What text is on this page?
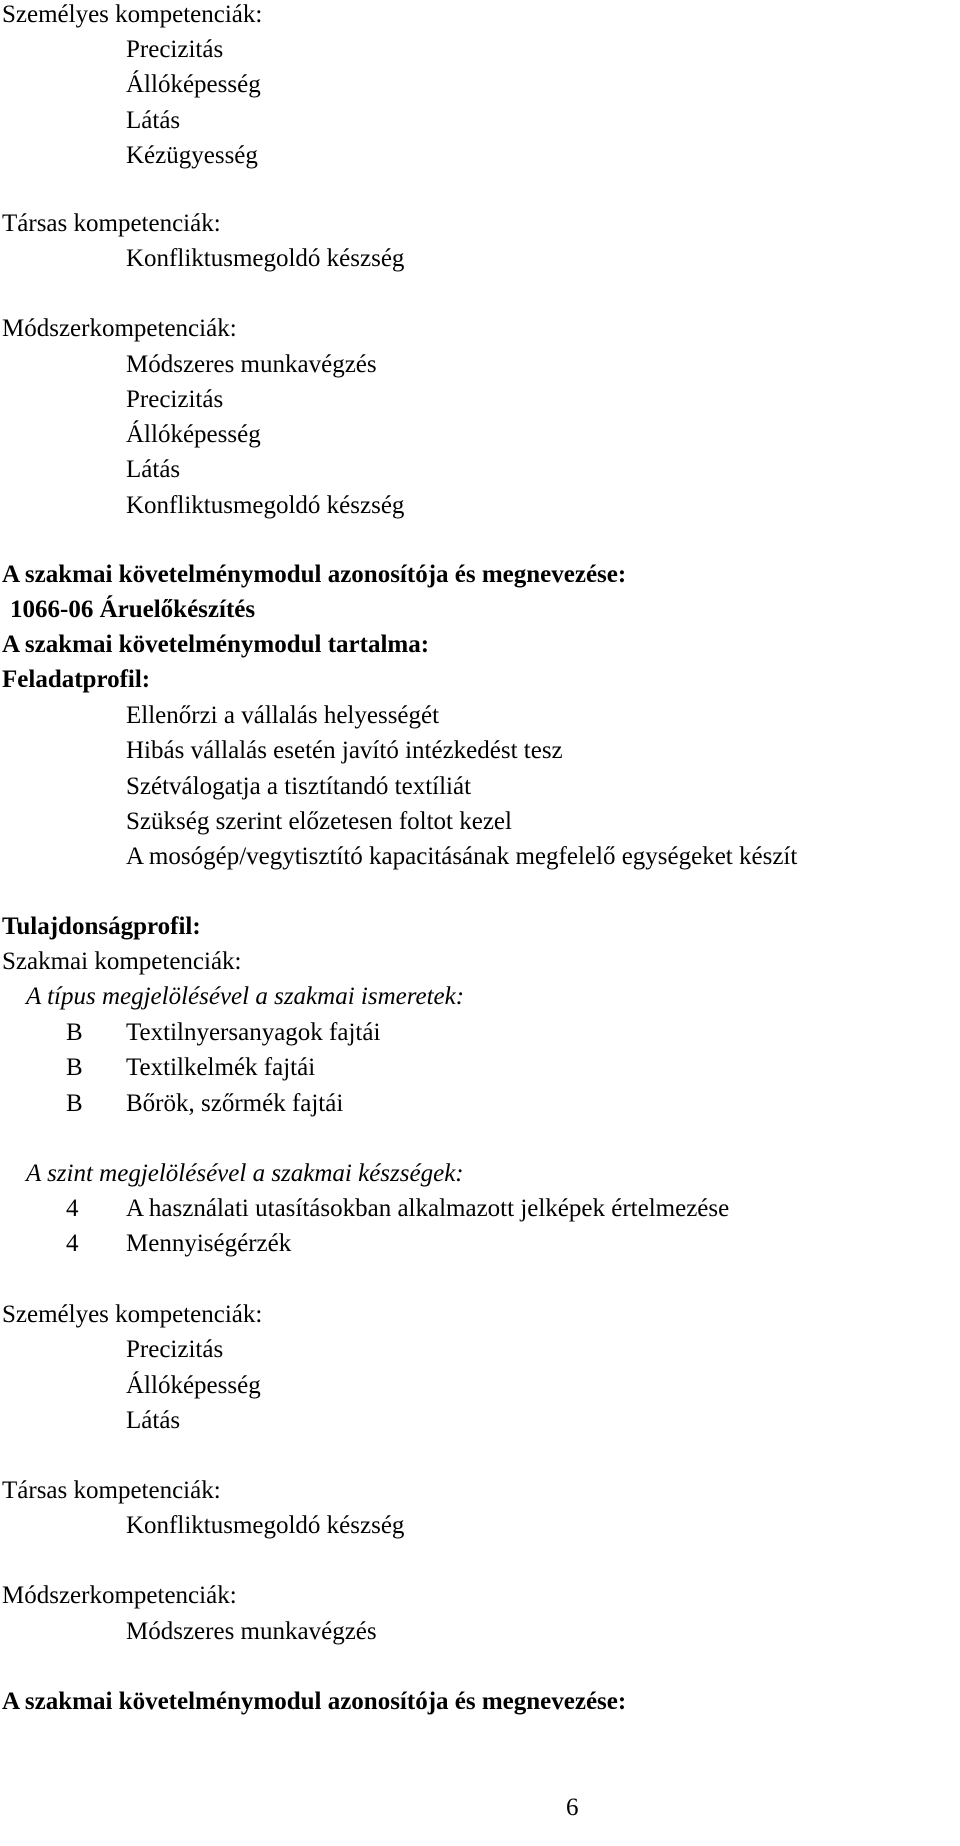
Személyes kompetenciák:
Precizitás
Állóképesség
Látás
Kézügyesség
Társas kompetenciák:
Konfliktusmegoldó készség
Módszerkompetenciák:
Módszeres munkavégzés
Precizitás
Állóképesség
Látás
Konfliktusmegoldó készség
A szakmai követelménymodul azonosítója és megnevezése:
1066-06 Áruelőkészítés
A szakmai követelménymodul tartalma:
Feladatprofil:
Ellenőrzi a vállalás helyességét
Hibás vállalás esetén javító intézkedést tesz
Szétválogatja a tisztítandó textíliát
Szükség szerint előzetesen foltot kezel
A mosógép/vegytisztító kapacitásának megfelelő egységeket készít
Tulajdonságprofil:
Szakmai kompetenciák:
A típus megjelölésével a szakmai ismeretek:
B Textilnyersanyagok fajtái
B Textilkelmék fajtái
B Bőrök, szőrmék fajtái
A szint megjelölésével a szakmai készségek:
4 A használati utasításokban alkalmazott jelképek értelmezése
4 Mennyiségérzék
Személyes kompetenciák:
Precizitás
Állóképesség
Látás
Társas kompetenciák:
Konfliktusmegoldó készség
Módszerkompetenciák:
Módszeres munkavégzés
A szakmai követelménymodul azonosítója és megnevezése:
6
